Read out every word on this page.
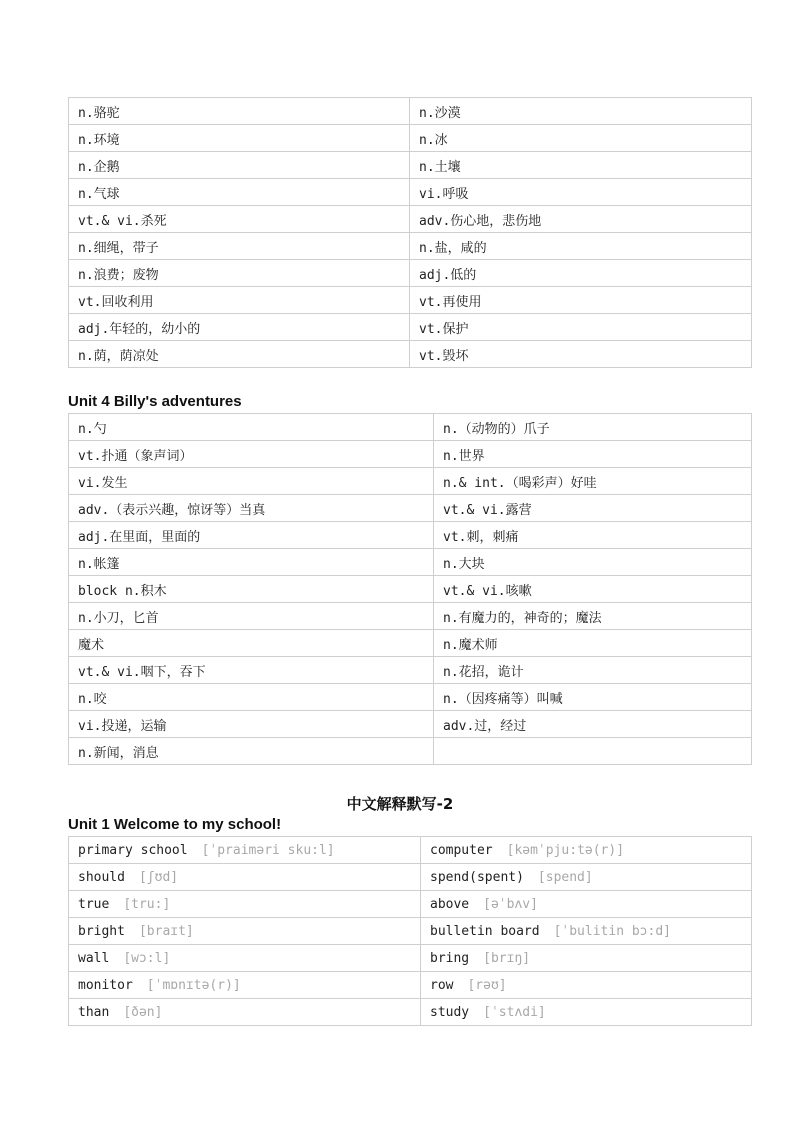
n.骆驼	n.沙漠
n.环境	n.冰
n.企鹅	n.土壤
n.气球	vi.呼吸
vt.& vi.杀死	adv.伤心地，悲伤地
n.细绳，带子	n.盐，咸的
n.浪费；废物	adj.低的
vt.回收利用	vt.再使用
adj.年轻的，幼小的	vt.保护
n.荫，荫凉处	vt.毁坏
Unit 4 Billy's adventures
n.勺	n.（动物的）爪子
vt.扑通（象声词）	n.世界
vi.发生	n.& int.（喝彩声）好哇
adv.（表示兴趣，惊讶等）当真	vt.& vi.露营
adj.在里面，里面的	vt.刺，刺痛
n.帐篷	n.大块
block n.积木	vt.& vi.咳嗽
n.小刀，匕首	n.有魔力的，神奇的；魔法
魔术	n.魔术师
vt.& vi.咽下，吞下	n.花招，诡计
n.咬	n.（因疼痛等）叫喊
vi.投递，运输	adv.过，经过
n.新闻，消息	
中文解释默写-2
Unit 1 Welcome to my school!
primary school [ˈpraimәri sku:l]	computer [kәmˈpju:tә(r)]
should [ʃʊd]	spend(spent) [spend]
true [tru:]	above [әˈbʌv]
bright [braɪt]	bulletin board [ˈbulitin bɔ:d]
wall [wɔ:l]	bring [brɪŋ]
monitor [ˈmɒnɪtә(r)]	row [rәʊ]
than [ðәn]	study [ˈstʌdi]
